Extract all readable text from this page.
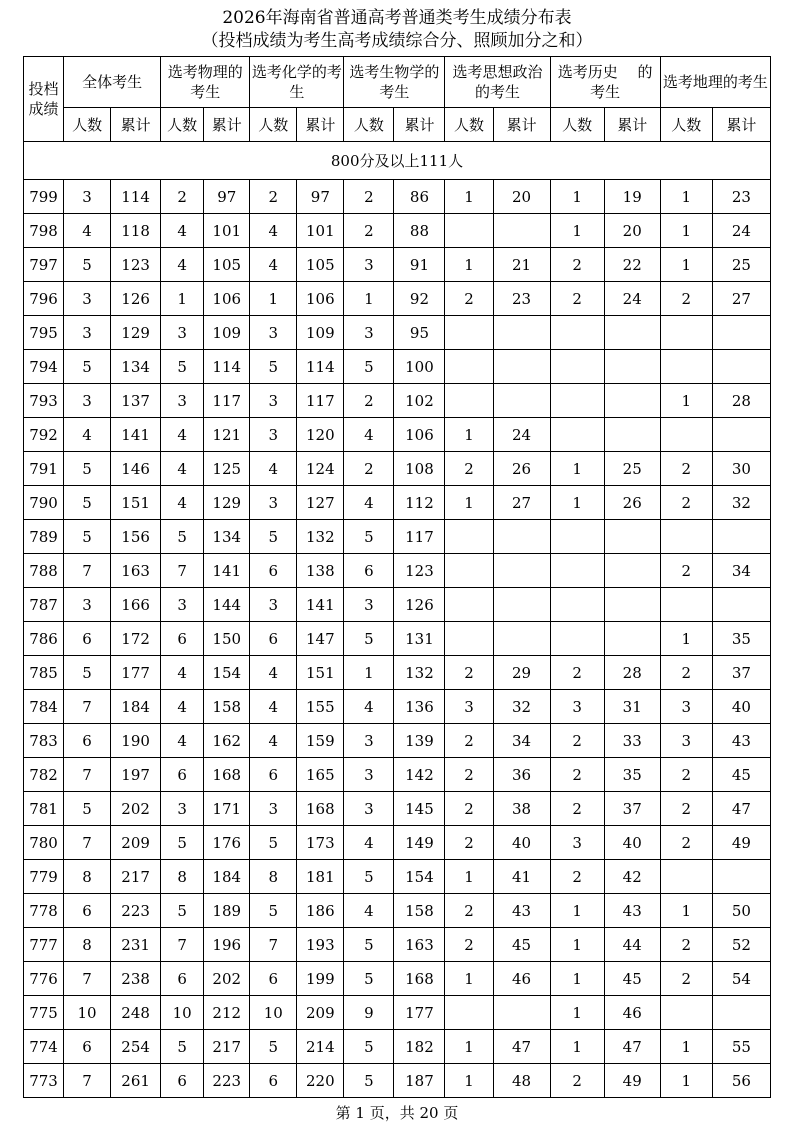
2026年海南省普通高考普通类考生成绩分布表
（投档成绩为考生高考成绩综合分、照顾加分之和）
投档成绩	全体考生		选考物理的考生		选考化学的考生		选考生物学的考生		选考思想政治的考生		选考历史　 的考生		选考地理的考生	
	人数	累计	人数	累计	人数	累计	人数	累计	人数	累计	人数	累计	人数	累计
800分及以上111人														
799	3	114	2	97	2	97	2	86	1	20	1	19	1	23
798	4	118	4	101	4	101	2	88			1	20	1	24
797	5	123	4	105	4	105	3	91	1	21	2	22	1	25
796	3	126	1	106	1	106	1	92	2	23	2	24	2	27
795	3	129	3	109	3	109	3	95						
794	5	134	5	114	5	114	5	100						
793	3	137	3	117	3	117	2	102					1	28
792	4	141	4	121	3	120	4	106	1	24				
791	5	146	4	125	4	124	2	108	2	26	1	25	2	30
790	5	151	4	129	3	127	4	112	1	27	1	26	2	32
789	5	156	5	134	5	132	5	117						
788	7	163	7	141	6	138	6	123					2	34
787	3	166	3	144	3	141	3	126						
786	6	172	6	150	6	147	5	131					1	35
785	5	177	4	154	4	151	1	132	2	29	2	28	2	37
784	7	184	4	158	4	155	4	136	3	32	3	31	3	40
783	6	190	4	162	4	159	3	139	2	34	2	33	3	43
782	7	197	6	168	6	165	3	142	2	36	2	35	2	45
781	5	202	3	171	3	168	3	145	2	38	2	37	2	47
780	7	209	5	176	5	173	4	149	2	40	3	40	2	49
779	8	217	8	184	8	181	5	154	1	41	2	42		
778	6	223	5	189	5	186	4	158	2	43	1	43	1	50
777	8	231	7	196	7	193	5	163	2	45	1	44	2	52
776	7	238	6	202	6	199	5	168	1	46	1	45	2	54
775	10	248	10	212	10	209	9	177			1	46		
774	6	254	5	217	5	214	5	182	1	47	1	47	1	55
773	7	261	6	223	6	220	5	187	1	48	2	49	1	56
第 1 页，共 20 页
